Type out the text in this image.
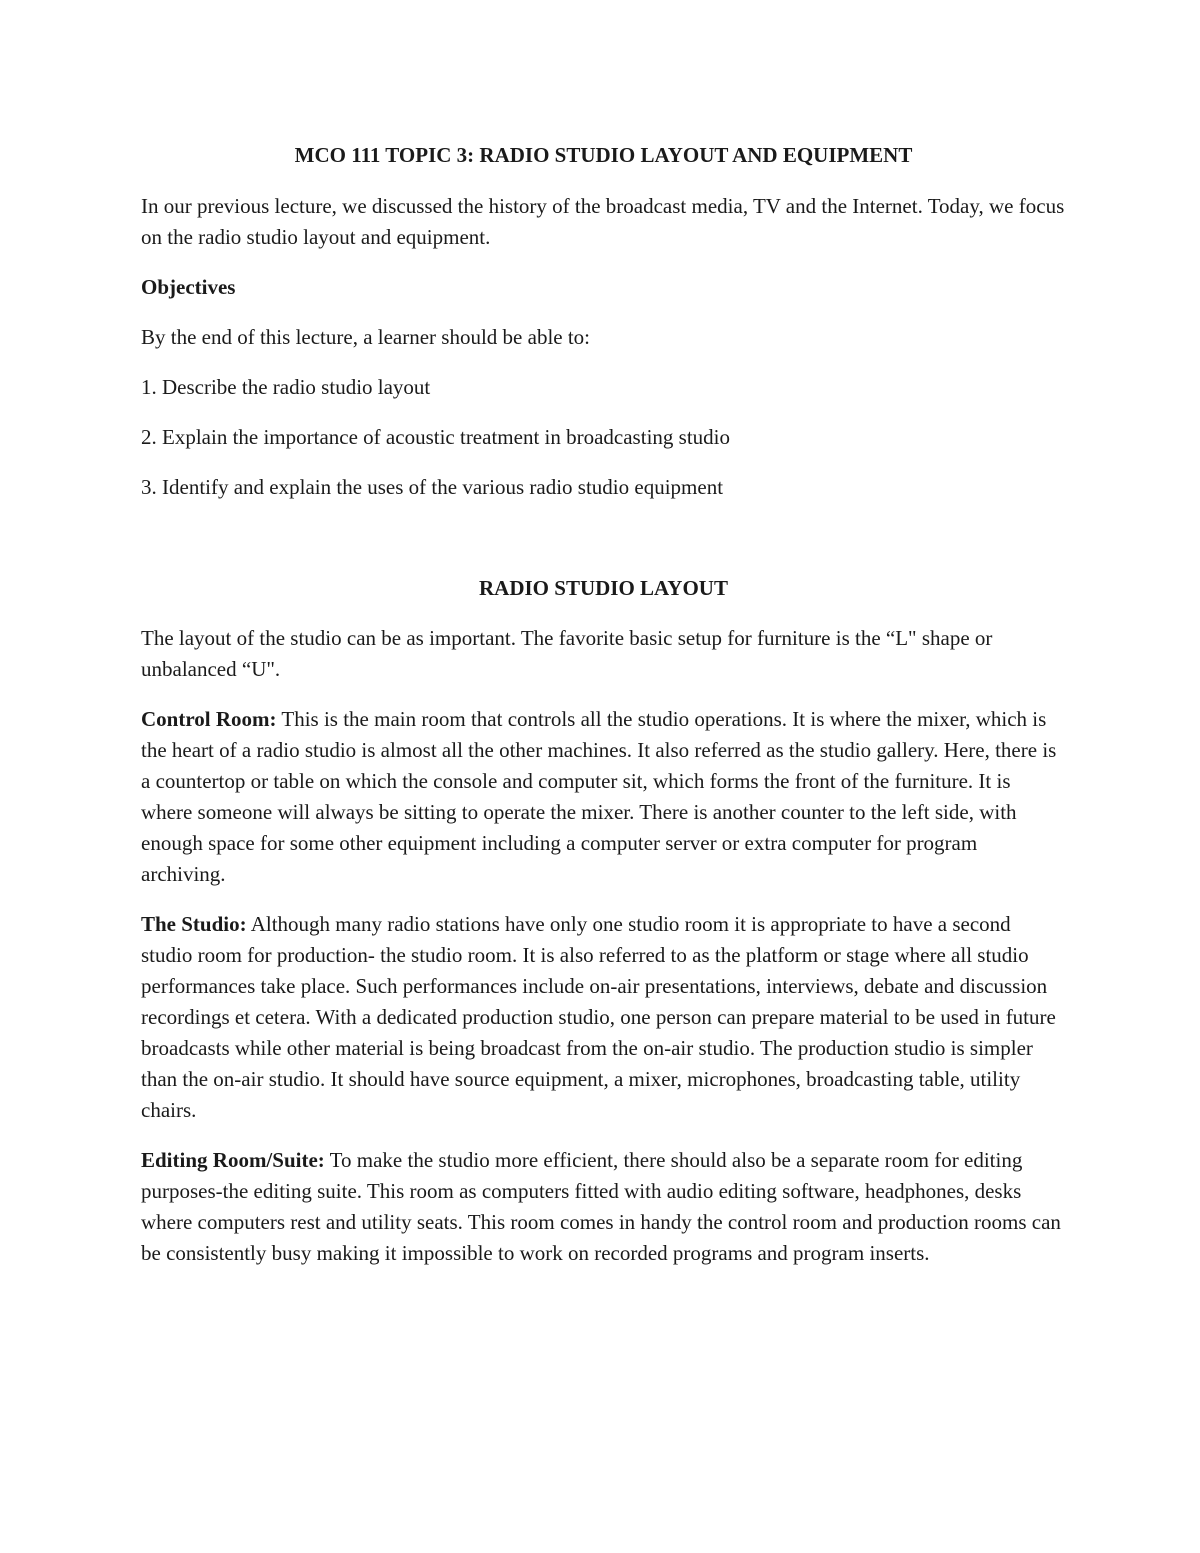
MCO 111 TOPIC 3: RADIO STUDIO LAYOUT AND EQUIPMENT

In our previous lecture, we discussed the history of the broadcast media, TV and the Internet. Today, we focus on the radio studio layout and equipment.

Objectives

By the end of this lecture, a learner should be able to:

1. Describe the radio studio layout

2. Explain the importance of acoustic treatment in broadcasting studio

3. Identify and explain the uses of the various radio studio equipment

RADIO STUDIO LAYOUT

The layout of the studio can be as important. The favorite basic setup for furniture is the “L" shape or unbalanced “U".

Control Room: This is the main room that controls all the studio operations. It is where the mixer, which is the heart of a radio studio is almost all the other machines. It also referred as the studio gallery. Here, there is a countertop or table on which the console and computer sit, which forms the front of the furniture. It is where someone will always be sitting to operate the mixer. There is another counter to the left side, with enough space for some other equipment including a computer server or extra computer for program archiving.

The Studio: Although many radio stations have only one studio room it is appropriate to have a second studio room for production- the studio room. It is also referred to as the platform or stage where all studio performances take place. Such performances include on-air presentations, interviews, debate and discussion recordings et cetera. With a dedicated production studio, one person can prepare material to be used in future broadcasts while other material is being broadcast from the on-air studio. The production studio is simpler than the on-air studio. It should have source equipment, a mixer, microphones, broadcasting table, utility chairs.

Editing Room/Suite: To make the studio more efficient, there should also be a separate room for editing purposes-the editing suite. This room as computers fitted with audio editing software, headphones, desks where computers rest and utility seats. This room comes in handy the control room and production rooms can be consistently busy making it impossible to work on recorded programs and program inserts.
